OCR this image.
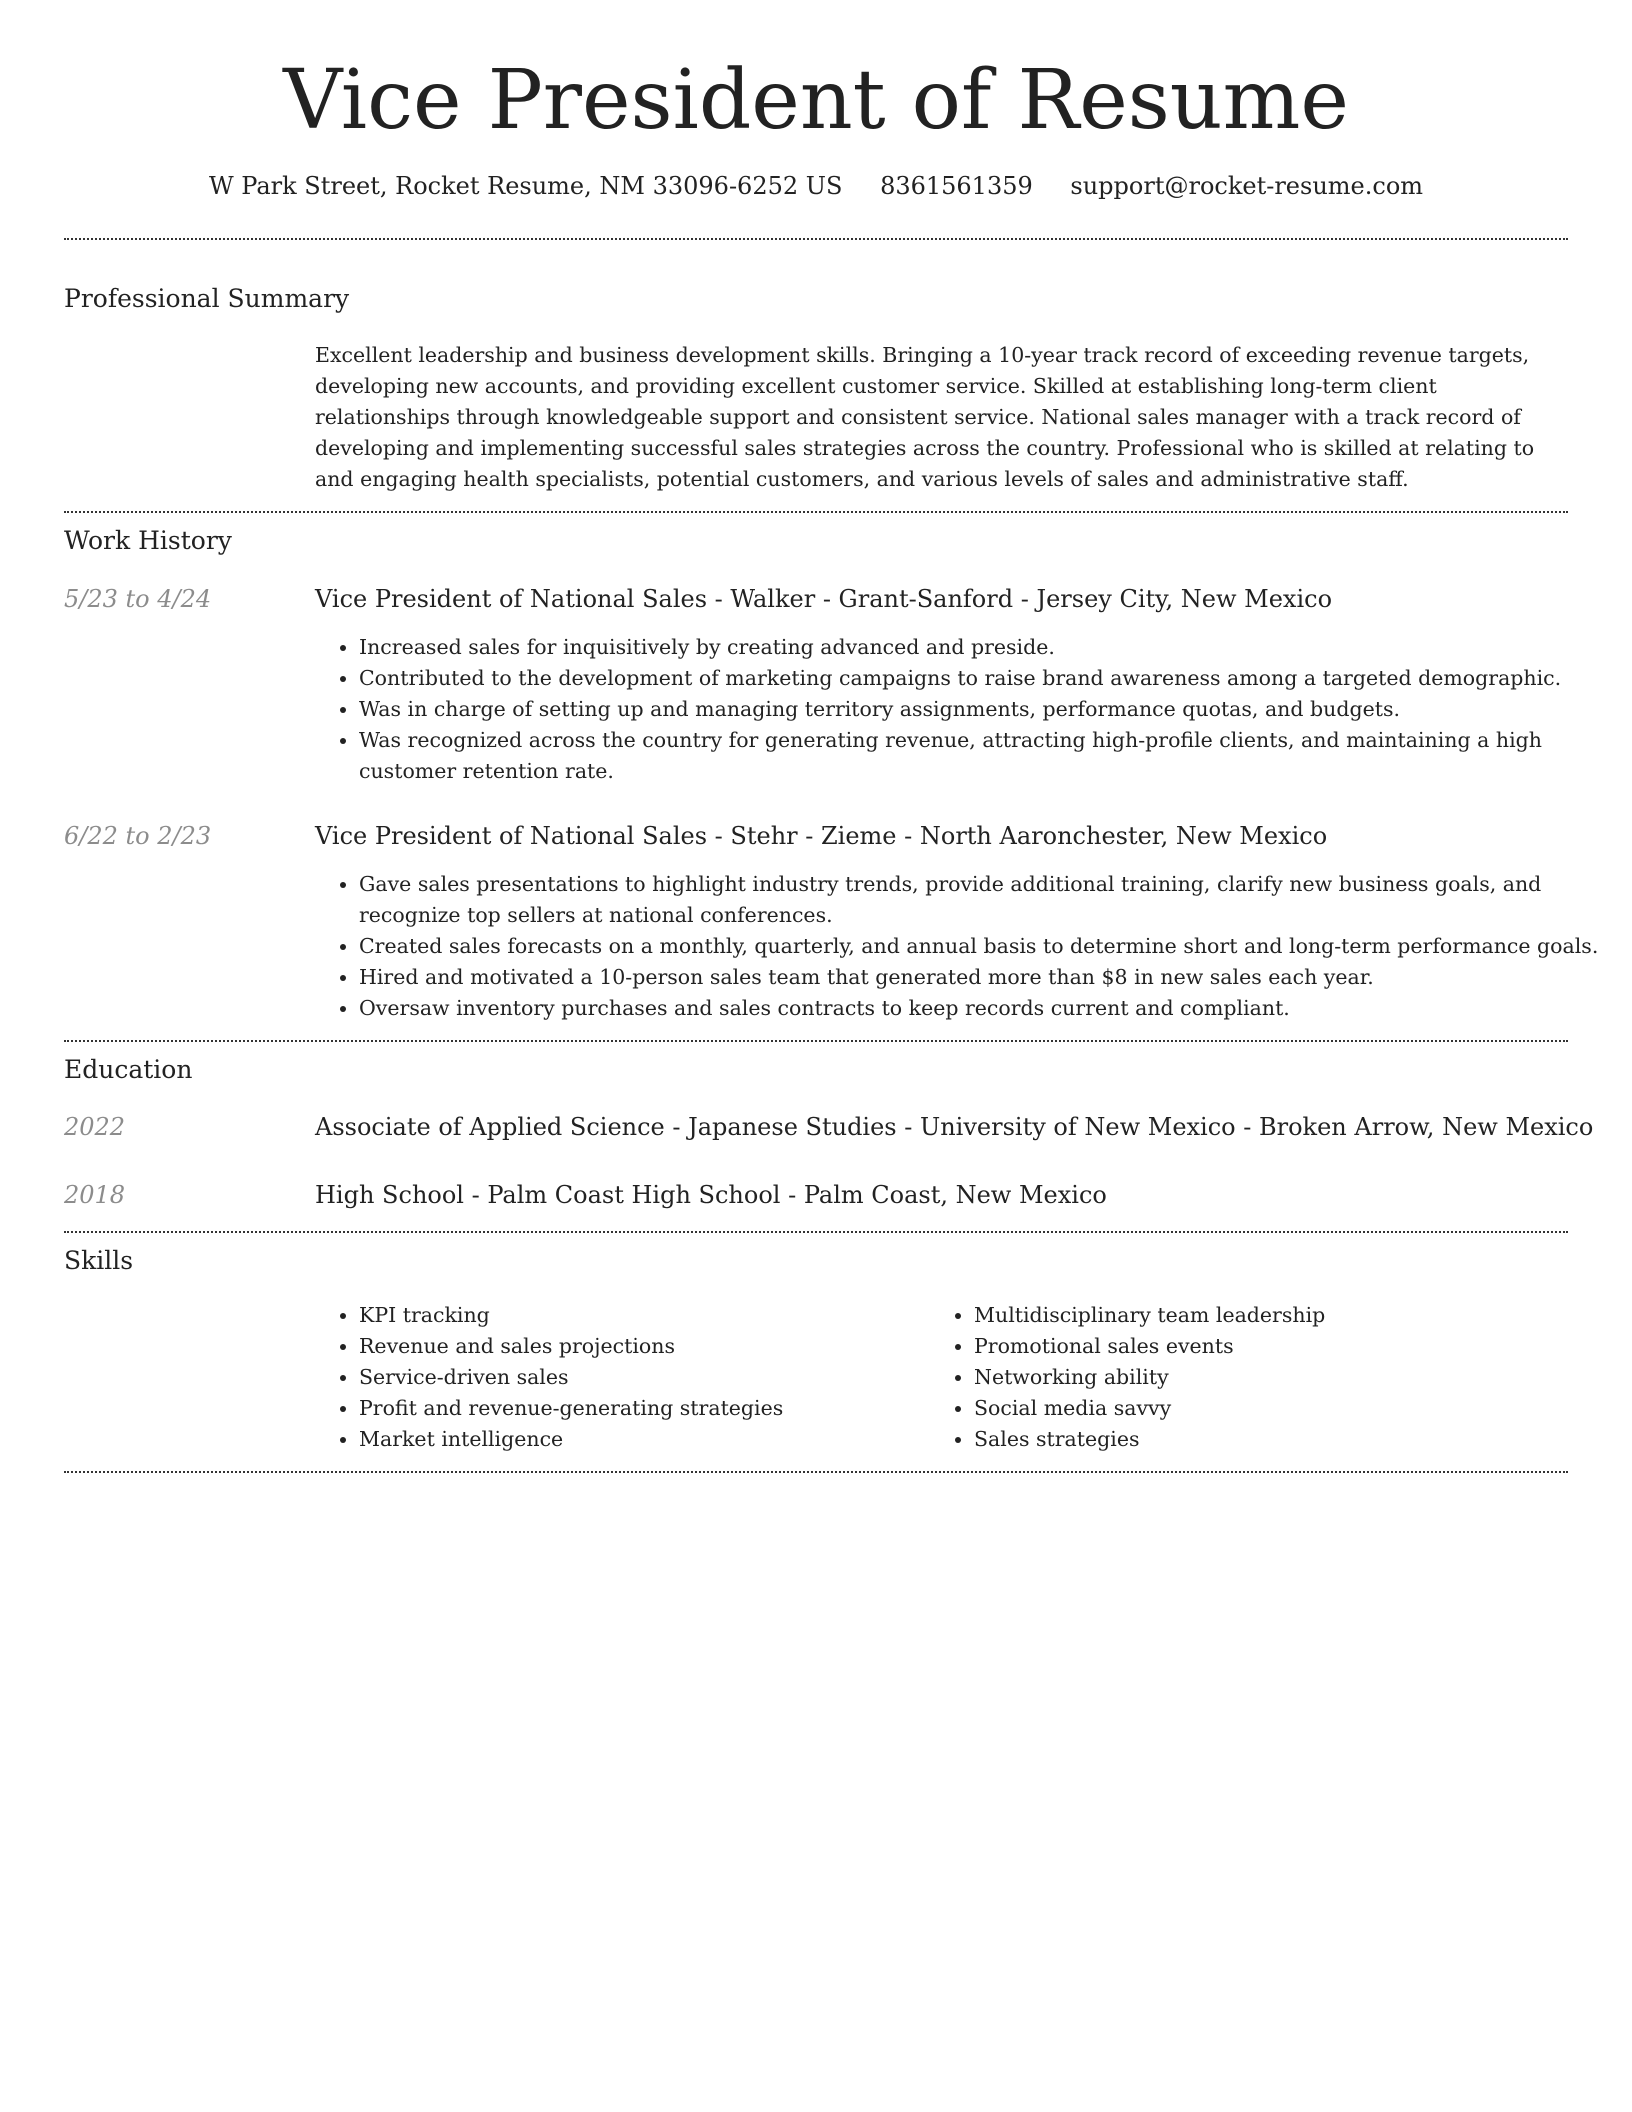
Vice President of Resume
W Park Street, Rocket Resume, NM 33096-6252 US 8361561359 support@rocket-resume.com
Professional Summary
Excellent leadership and business development skills. Bringing a 10-year track record of exceeding revenue targets, developing new accounts, and providing excellent customer service. Skilled at establishing long-term client relationships through knowledgeable support and consistent service. National sales manager with a track record of developing and implementing successful sales strategies across the country. Professional who is skilled at relating to and engaging health specialists, potential customers, and various levels of sales and administrative staff.
Work History
5/23 to 4/24	Vice President of National Sales - Walker - Grant-Sanford - Jersey City, New Mexico
• Increased sales for inquisitively by creating advanced and preside.
• Contributed to the development of marketing campaigns to raise brand awareness among a targeted demographic.
• Was in charge of setting up and managing territory assignments, performance quotas, and budgets.
• Was recognized across the country for generating revenue, attracting high-profile clients, and maintaining a high customer retention rate.
6/22 to 2/23	Vice President of National Sales - Stehr - Zieme - North Aaronchester, New Mexico
• Gave sales presentations to highlight industry trends, provide additional training, clarify new business goals, and recognize top sellers at national conferences.
• Created sales forecasts on a monthly, quarterly, and annual basis to determine short and long-term performance goals.
• Hired and motivated a 10-person sales team that generated more than $8 in new sales each year.
• Oversaw inventory purchases and sales contracts to keep records current and compliant.
Education
2022	Associate of Applied Science - Japanese Studies - University of New Mexico - Broken Arrow, New Mexico
2018	High School - Palm Coast High School - Palm Coast, New Mexico
Skills
• KPI tracking
• Revenue and sales projections
• Service-driven sales
• Profit and revenue-generating strategies
• Market intelligence
• Multidisciplinary team leadership
• Promotional sales events
• Networking ability
• Social media savvy
• Sales strategies
